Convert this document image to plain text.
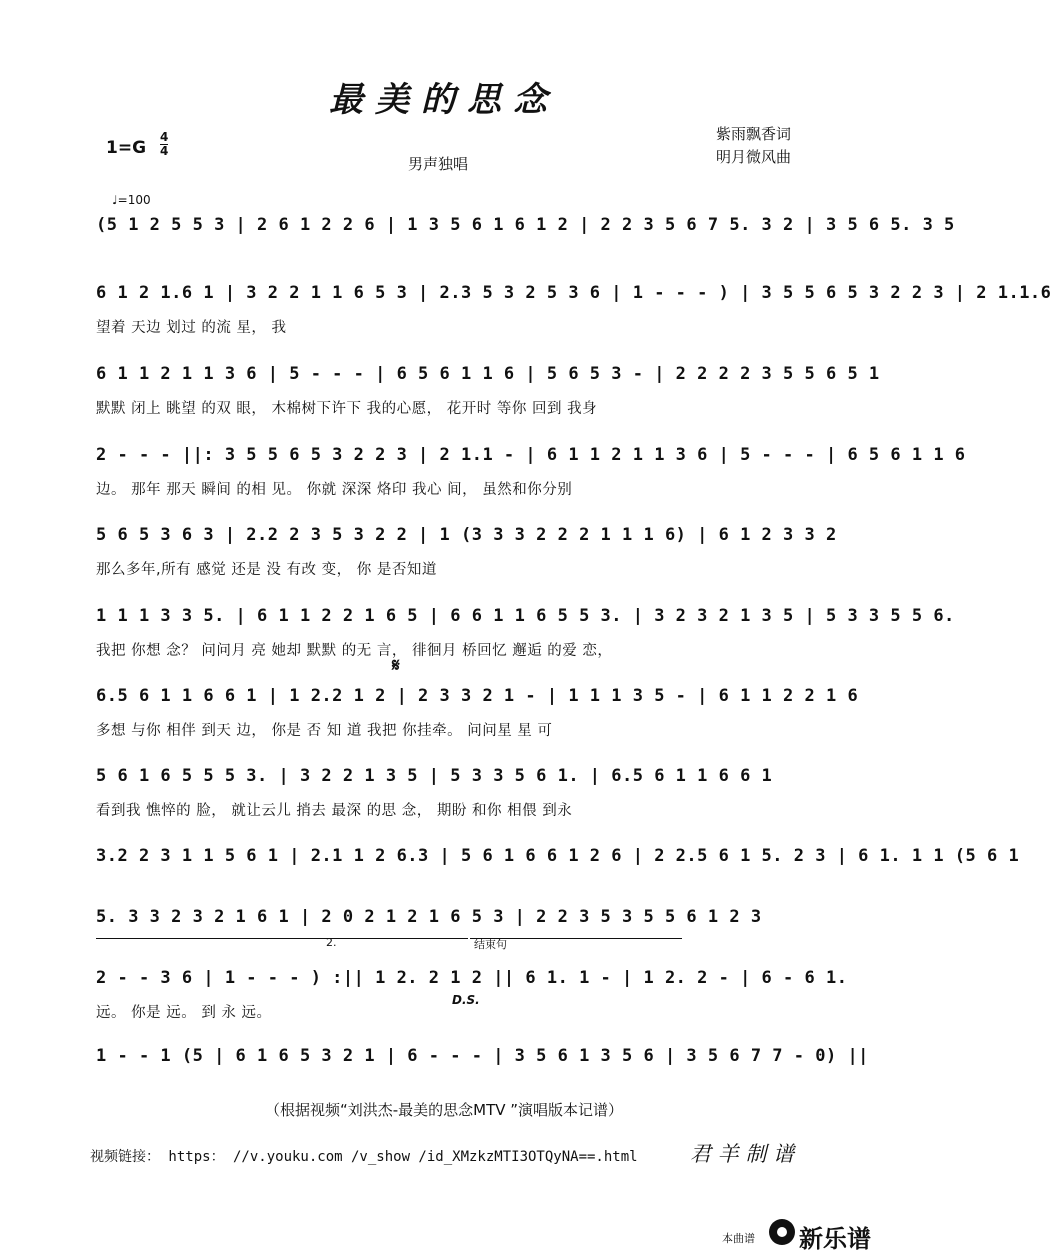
最美的思念
1=G
4
4
男声独唱
紫雨飘香词
明月微风曲
♩=100
(5 1 2 5 5 3 | 2 6 1 2 2 6 | 1 3 5 6 1 6 1 2 | 2 2 3 5 6 7 5. 3 2 | 3 5 6 5. 3 5
6 1 2 1.6 1 | 3 2 2 1 1 6 5 3 | 2.3 5 3 2 5 3 6 | 1 - - - ) | 3 5 5 6 5 3 2 2 3 | 2 1.1.6
望着 天边 划过 的流 星， 我
6 1 1 2 1 1 3 6 | 5 - - - | 6 5 6 1 1 6 | 5 6 5 3 - | 2 2 2 2 3 5 5 6 5 1
默默 闭上 眺望 的双 眼， 木棉树下许下 我的心愿， 花开时 等你 回到 我身
2 - - - ||: 3 5 5 6 5 3 2 2 3 | 2 1.1 - | 6 1 1 2 1 1 3 6 | 5 - - - | 6 5 6 1 1 6
边。 那年 那天 瞬间 的相 见。 你就 深深 烙印 我心 间， 虽然和你分别
5 6 5 3 6 3 | 2.2 2 3 5 3 2 2 | 1 (3 3 3 2 2 2 1 1 1 6) | 6 1 2 3 3 2
那么多年,所有 感觉 还是 没 有改 变， 你 是否知道
1 1 1 3 3 5. | 6 1 1 2 2 1 6 5 | 6 6 1 1 6 5 5 3. | 3 2 3 2 1 3 5 | 5 3 3 5 5 6.
我把 你想 念？ 问问月 亮 她却 默默 的无 言， 徘徊月 桥回忆 邂逅 的爱 恋，
6.5 6 1 1 6 6 1 | 1 2.2 1 2 | 2 3 3 2 1 - | 1 1 1 3 5 - | 6 1 1 2 2 1 6
多想 与你 相伴 到天 边， 你是 否 知 道 我把 你挂牵。 问问星 星 可
5 6 1 6 5 5 5 3. | 3 2 2 1 3 5 | 5 3 3 5 6 1. | 6.5 6 1 1 6 6 1
看到我 憔悴的 脸， 就让云儿 捎去 最深 的思 念， 期盼 和你 相偎 到永
3.2 2 3 1 1 5 6 1 | 2.1 1 2 6.3 | 5 6 1 6 6 1 2 6 | 2 2.5 6 1 5. 2 3 | 6 1. 1 1 (5 6 1
5. 3 3 2 3 2 1 6 1 | 2 0 2 1 2 1 6 5 3 | 2 2 3 5 3 5 5 6 1 2 3
2 - - 3 6 | 1 - - - ) :|| 1 2. 2 1 2 || 6 1. 1 - | 1 2. 2 - | 6 - 6 1.
远。 你是 远。 到 永 远。
1 - - 1 (5 | 6 1 6 5 3 2 1 | 6 - - - | 3 5 6 1 3 5 6 | 3 5 6 7 7 - 0) ||
𝄋
2.	结束句
D.S.
（根据视频“刘洪杰-最美的思念MTV ”演唱版本记谱）
视频链接： https： //v.youku.com /v_show /id_XMzkzMTI3OTQyNA==.html 君 羊 制 谱
本曲谱 新乐谱
